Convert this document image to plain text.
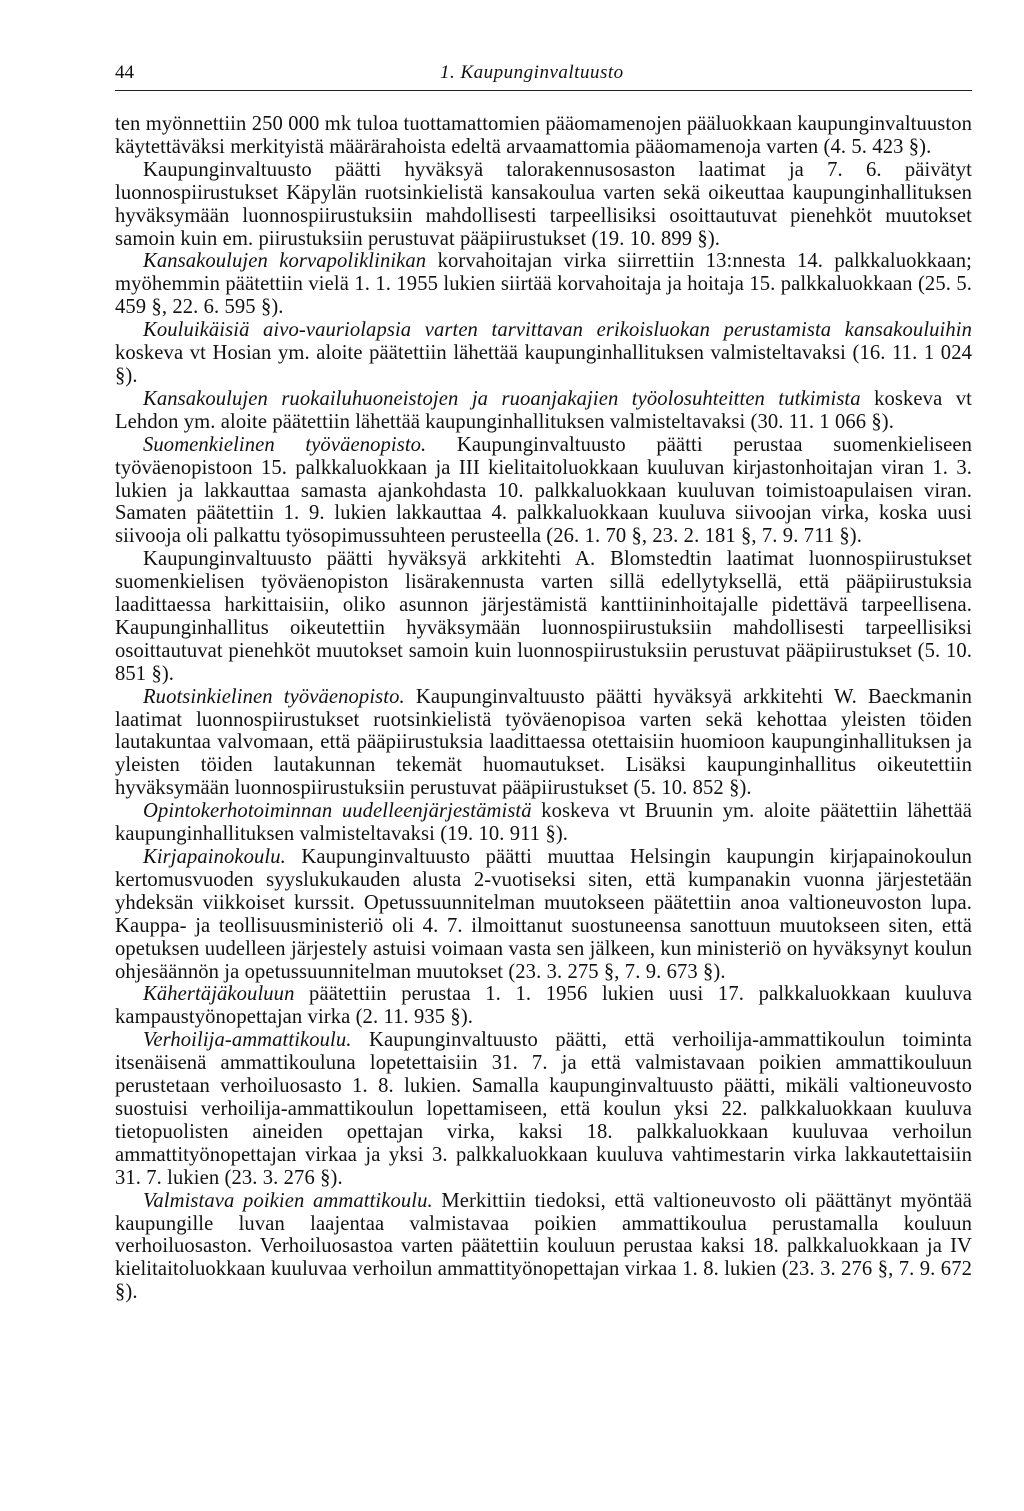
44	1. Kaupunginvaltuusto

ten myönnettiin 250 000 mk tuloa tuottamattomien pääomamenojen pääluokkaan kaupunginvaltuuston käytettäväksi merkityistä määrärahoista edeltä arvaamattomia pääomamenoja varten (4. 5. 423 §).

Kaupunginvaltuusto päätti hyväksyä talorakennusosaston laatimat ja 7. 6. päivätyt luonnospiirustukset Käpylän ruotsinkielistä kansakoulua varten sekä oikeuttaa kaupunginhallituksen hyväksymään luonnospiirustuksiin mahdollisesti tarpeellisiksi osoittautuvat pienehköt muutokset samoin kuin em. piirustuksiin perustuvat pääpiirustukset (19. 10. 899 §).

Kansakoulujen korvapoliklinikan korvahoitajan virka siirrettiin 13:nnesta 14. palkkaluokkaan; myöhemmin päätettiin vielä 1. 1. 1955 lukien siirtää korvahoitaja ja hoitaja 15. palkkaluokkaan (25. 5. 459 §, 22. 6. 595 §).

Kouluikäisiä aivo-vauriolapsia varten tarvittavan erikoisluokan perustamista kansakouluihin koskeva vt Hosian ym. aloite päätettiin lähettää kaupunginhallituksen valmisteltavaksi (16. 11. 1 024 §).

Kansakoulujen ruokailuhuoneistojen ja ruoanjakajien työolosuhteitten tutkimista koskeva vt Lehdon ym. aloite päätettiin lähettää kaupunginhallituksen valmisteltavaksi (30. 11. 1 066 §).

Suomenkielinen työväenopisto. Kaupunginvaltuusto päätti perustaa suomenkieliseen työväenopistoon 15. palkkaluokkaan ja III kielitaitoluokkaan kuuluvan kirjastonhoitajan viran 1. 3. lukien ja lakkauttaa samasta ajankohdasta 10. palkkaluokkaan kuuluvan toimistoapulaisen viran. Samaten päätettiin 1. 9. lukien lakkauttaa 4. palkkaluokkaan kuuluva siivoojan virka, koska uusi siivooja oli palkattu työsopimussuhteen perusteella (26. 1. 70 §, 23. 2. 181 §, 7. 9. 711 §).

Kaupunginvaltuusto päätti hyväksyä arkkitehti A. Blomstedtin laatimat luonnospiirustukset suomenkielisen työväenopiston lisärakennusta varten sillä edellytyksellä, että pääpiirustuksia laadittaessa harkittaisiin, oliko asunnon järjestämistä kanttiininhoitajalle pidettävä tarpeellisena. Kaupunginhallitus oikeutettiin hyväksymään luonnospiirustuksiin mahdollisesti tarpeellisiksi osoittautuvat pienehköt muutokset samoin kuin luonnospiirustuksiin perustuvat pääpiirustukset (5. 10. 851 §).

Ruotsinkielinen työväenopisto. Kaupunginvaltuusto päätti hyväksyä arkkitehti W. Baeckmanin laatimat luonnospiirustukset ruotsinkielistä työväenopisoa varten sekä kehottaa yleisten töiden lautakuntaa valvomaan, että pääpiirustuksia laadittaessa otettaisiin huomioon kaupunginhallituksen ja yleisten töiden lautakunnan tekemät huomautukset. Lisäksi kaupunginhallitus oikeutettiin hyväksymään luonnospiirustuksiin perustuvat pääpiirustukset (5. 10. 852 §).

Opintokerhotoiminnan uudelleenjärjestämistä koskeva vt Bruunin ym. aloite päätettiin lähettää kaupunginhallituksen valmisteltavaksi (19. 10. 911 §).

Kirjapainokoulu. Kaupunginvaltuusto päätti muuttaa Helsingin kaupungin kirjapainokoulun kertomusvuoden syyslukukauden alusta 2-vuotiseksi siten, että kumpanakin vuonna järjestetään yhdeksän viikkoiset kurssit. Opetussuunnitelman muutokseen päätettiin anoa valtioneuvoston lupa. Kauppa- ja teollisuusministeriö oli 4. 7. ilmoittanut suostuneensa sanottuun muutokseen siten, että opetuksen uudelleen järjestely astuisi voimaan vasta sen jälkeen, kun ministeriö on hyväksynyt koulun ohjesäännön ja opetussuunnitelman muutokset (23. 3. 275 §, 7. 9. 673 §).

Kähertäjäkouluun päätettiin perustaa 1. 1. 1956 lukien uusi 17. palkkaluokkaan kuuluva kampaustyönopettajan virka (2. 11. 935 §).

Verhoilija-ammattikoulu. Kaupunginvaltuusto päätti, että verhoilija-ammattikoulun toiminta itsenäisenä ammattikouluna lopetettaisiin 31. 7. ja että valmistavaan poikien ammattikouluun perustetaan verhoiluosasto 1. 8. lukien. Samalla kaupunginvaltuusto päätti, mikäli valtioneuvosto suostuisi verhoilija-ammattikoulun lopettamiseen, että koulun yksi 22. palkkaluokkaan kuuluva tietopuolisten aineiden opettajan virka, kaksi 18. palkkaluokkaan kuuluvaa verhoilun ammattityönopettajan virkaa ja yksi 3. palkkaluokkaan kuuluva vahtimestarin virka lakkautettaisiin 31. 7. lukien (23. 3. 276 §).

Valmistava poikien ammattikoulu. Merkittiin tiedoksi, että valtioneuvosto oli päättänyt myöntää kaupungille luvan laajentaa valmistavaa poikien ammattikoulua perustamalla kouluun verhoiluosaston. Verhoiluosastoa varten päätettiin kouluun perustaa kaksi 18. palkkaluokkaan ja IV kielitaitoluokkaan kuuluvaa verhoilun ammattityönopettajan virkaa 1. 8. lukien (23. 3. 276 §, 7. 9. 672 §).
